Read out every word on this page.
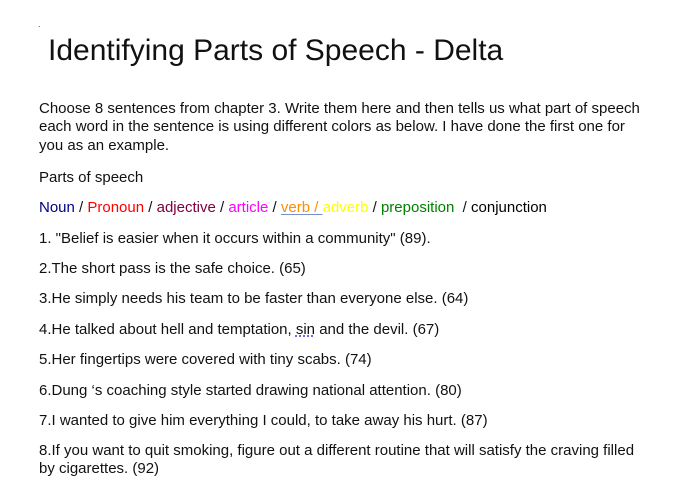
.
Identifying Parts of Speech - Delta
Choose 8 sentences from chapter 3. Write them here and then tells us what part of speech each word in the sentence is using different colors as below. I have done the first one for you as an example.
Parts of speech
Noun / Pronoun / adjective / article / verb / adverb / preposition  / conjunction
1. "Belief is easier when it occurs within a community" (89).
2.The short pass is the safe choice. (65)
3.He simply needs his team to be faster than everyone else. (64)
4.He talked about hell and temptation, sin and the devil. (67)
5.Her fingertips were covered with tiny scabs. (74)
6.Dung ‘s coaching style started drawing national attention. (80)
7.I wanted to give him everything I could, to take away his hurt. (87)
8.If you want to quit smoking, figure out a different routine that will satisfy the craving filled by cigarettes. (92)
